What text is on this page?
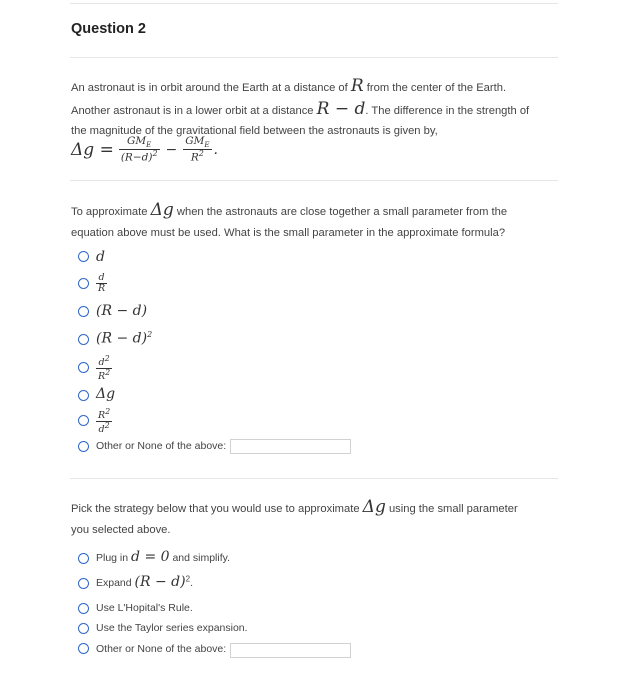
Question 2
An astronaut is in orbit around the Earth at a distance of R from the center of the Earth.
Another astronaut is in a lower orbit at a distance R − d. The difference in the strength of
the magnitude of the gravitational field between the astronauts is given by,
$\Delta g = \frac{GM_E}{(R-d)^2} - \frac{GM_E}{R^2}$ .
To approximate Δg when the astronauts are close together a small parameter from the
equation above must be used. What is the small parameter in the approximate formula?
d
$\frac{d}{R}$
(R − d)
$(R - d)^2$
$\frac{d^2}{R^2}$
Δg
$\frac{R^2}{d^2}$
Other or None of the above:
Pick the strategy below that you would use to approximate Δg using the small parameter
you selected above.
Plug in d = 0 and simplify.
Expand $(R - d)^2$.
Use L'Hopital's Rule.
Use the Taylor series expansion.
Other or None of the above:
